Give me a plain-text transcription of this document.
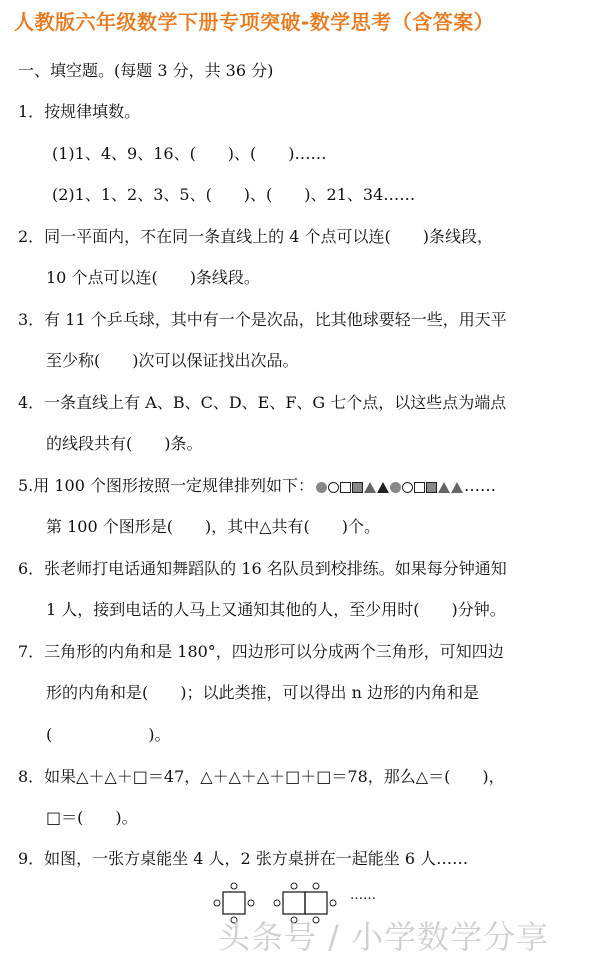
人教版六年级数学下册专项突破-数学思考（含答案）
一、填空题。(每题 3 分，共 36 分)
1．按规律填数。
(1)1、4、9、16、(　　)、(　　)……
(2)1、1、2、3、5、(　　)、(　　)、21、34……
2．同一平面内，不在同一条直线上的 4 个点可以连(　　)条线段，
10 个点可以连(　　)条线段。
3．有 11 个乒乓球，其中有一个是次品，比其他球要轻一些，用天平
至少称(　　)次可以保证找出次品。
4．一条直线上有 A、B、C、D、E、F、G 七个点，以这些点为端点
的线段共有(　　)条。
5.用 100 个图形按照一定规律排列如下：	……
第 100 个图形是(　　)，其中△共有(　　)个。
6．张老师打电话通知舞蹈队的 16 名队员到校排练。如果每分钟通知
1 人，接到电话的人马上又通知其他的人，至少用时(　　)分钟。
7．三角形的内角和是 180°，四边形可以分成两个三角形，可知四边
形的内角和是(　　)；以此类推，可以得出 n 边形的内角和是
(　　　　　　)。
8．如果△＋△＋□＝47，△＋△＋△＋□＋□＝78，那么△＝(　　)，
□＝(　　)。
9．如图，一张方桌能坐 4 人，2 张方桌拼在一起能坐 6 人……
……
头条号 / 小学数学分享
